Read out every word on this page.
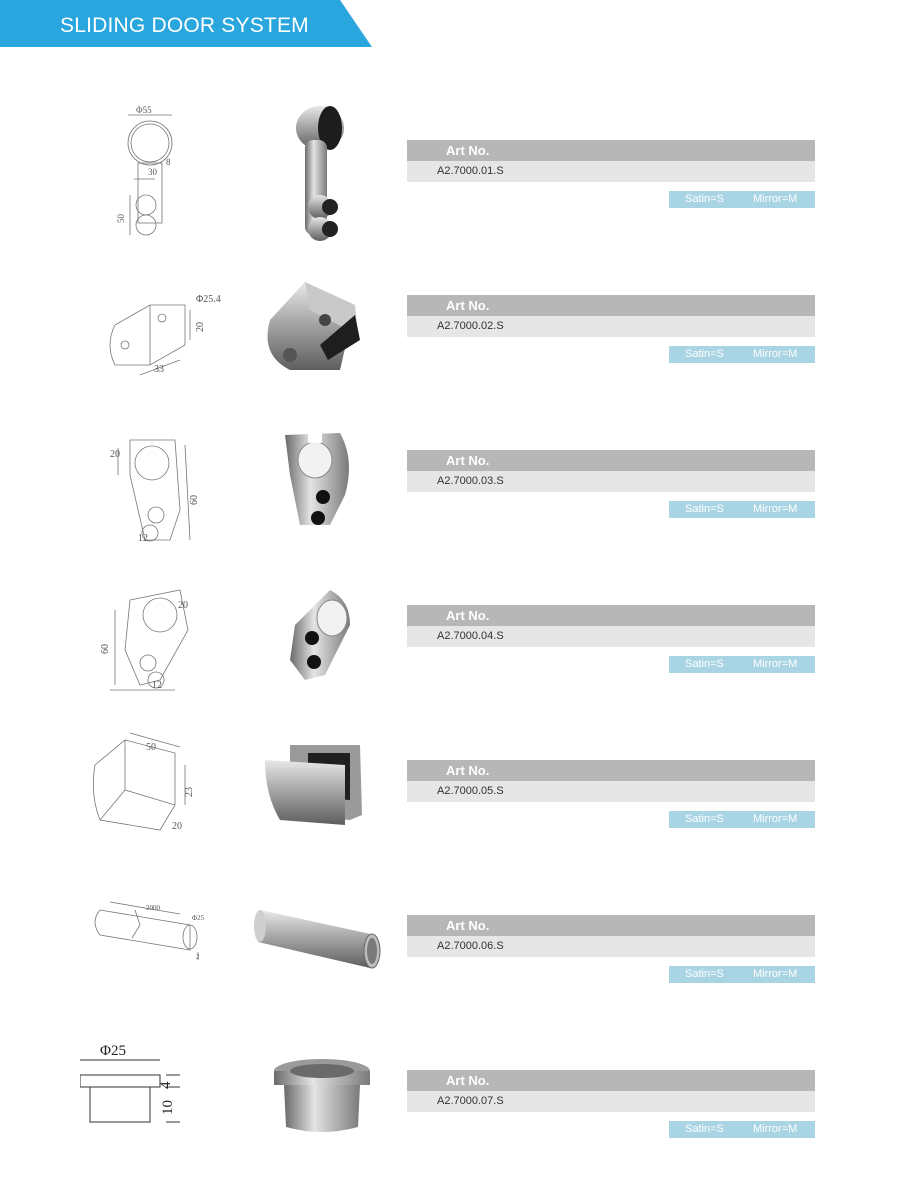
SLIDING DOOR SYSTEM
Φ55
30
8
50
Art No.
A2.7000.01.S
Satin=S	Mirror=M
Φ25.4
20
33
Art No.
A2.7000.02.S
Satin=S	Mirror=M
20
60
12
Art No.
A2.7000.03.S
Satin=S	Mirror=M
20
60
12
Art No.
A2.7000.04.S
Satin=S	Mirror=M
50
23
20
Art No.
A2.7000.05.S
Satin=S	Mirror=M
2000
Φ25
2
Art No.
A2.7000.06.S
Satin=S	Mirror=M
Φ25
4
10
Art No.
A2.7000.07.S
Satin=S	Mirror=M
